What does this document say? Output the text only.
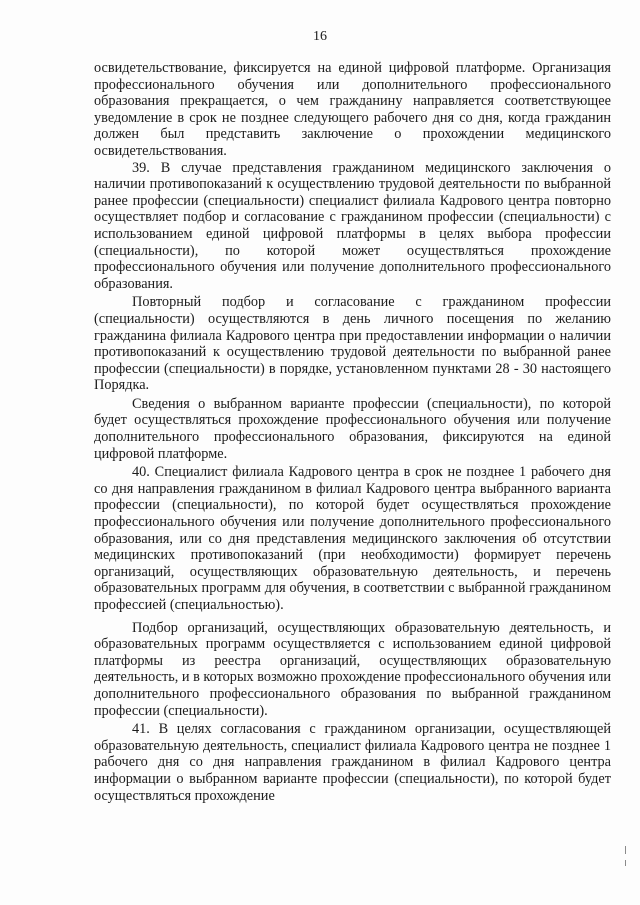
16

освидетельствование, фиксируется на единой цифровой платформе. Организация профессионального обучения или дополнительного профессионального образования прекращается, о чем гражданину направляется соответствующее уведомление в срок не позднее следующего рабочего дня со дня, когда гражданин должен был представить заключение о прохождении медицинского освидетельствования.

39. В случае представления гражданином медицинского заключения о наличии противопоказаний к осуществлению трудовой деятельности по выбранной ранее профессии (специальности) специалист филиала Кадрового центра повторно осуществляет подбор и согласование с гражданином профессии (специальности) с использованием единой цифровой платформы в целях выбора профессии (специальности), по которой может осуществляться прохождение профессионального обучения или получение дополнительного профессионального образования.

Повторный подбор и согласование с гражданином профессии (специальности) осуществляются в день личного посещения по желанию гражданина филиала Кадрового центра при предоставлении информации о наличии противопоказаний к осуществлению трудовой деятельности по выбранной ранее профессии (специальности) в порядке, установленном пунктами 28 - 30 настоящего Порядка.

Сведения о выбранном варианте профессии (специальности), по которой будет осуществляться прохождение профессионального обучения или получение дополнительного профессионального образования, фиксируются на единой цифровой платформе.

40. Специалист филиала Кадрового центра в срок не позднее 1 рабочего дня со дня направления гражданином в филиал Кадрового центра выбранного варианта профессии (специальности), по которой будет осуществляться прохождение профессионального обучения или получение дополнительного профессионального образования, или со дня представления медицинского заключения об отсутствии медицинских противопоказаний (при необходимости) формирует перечень организаций, осуществляющих образовательную деятельность, и перечень образовательных программ для обучения, в соответствии с выбранной гражданином профессией (специальностью).

Подбор организаций, осуществляющих образовательную деятельность, и образовательных программ осуществляется с использованием единой цифровой платформы из реестра организаций, осуществляющих образовательную деятельность, и в которых возможно прохождение профессионального обучения или дополнительного профессионального образования по выбранной гражданином профессии (специальности).

41. В целях согласования с гражданином организации, осуществляющей образовательную деятельность, специалист филиала Кадрового центра не позднее 1 рабочего дня со дня направления гражданином в филиал Кадрового центра информации о выбранном варианте профессии (специальности), по которой будет осуществляться прохождение
